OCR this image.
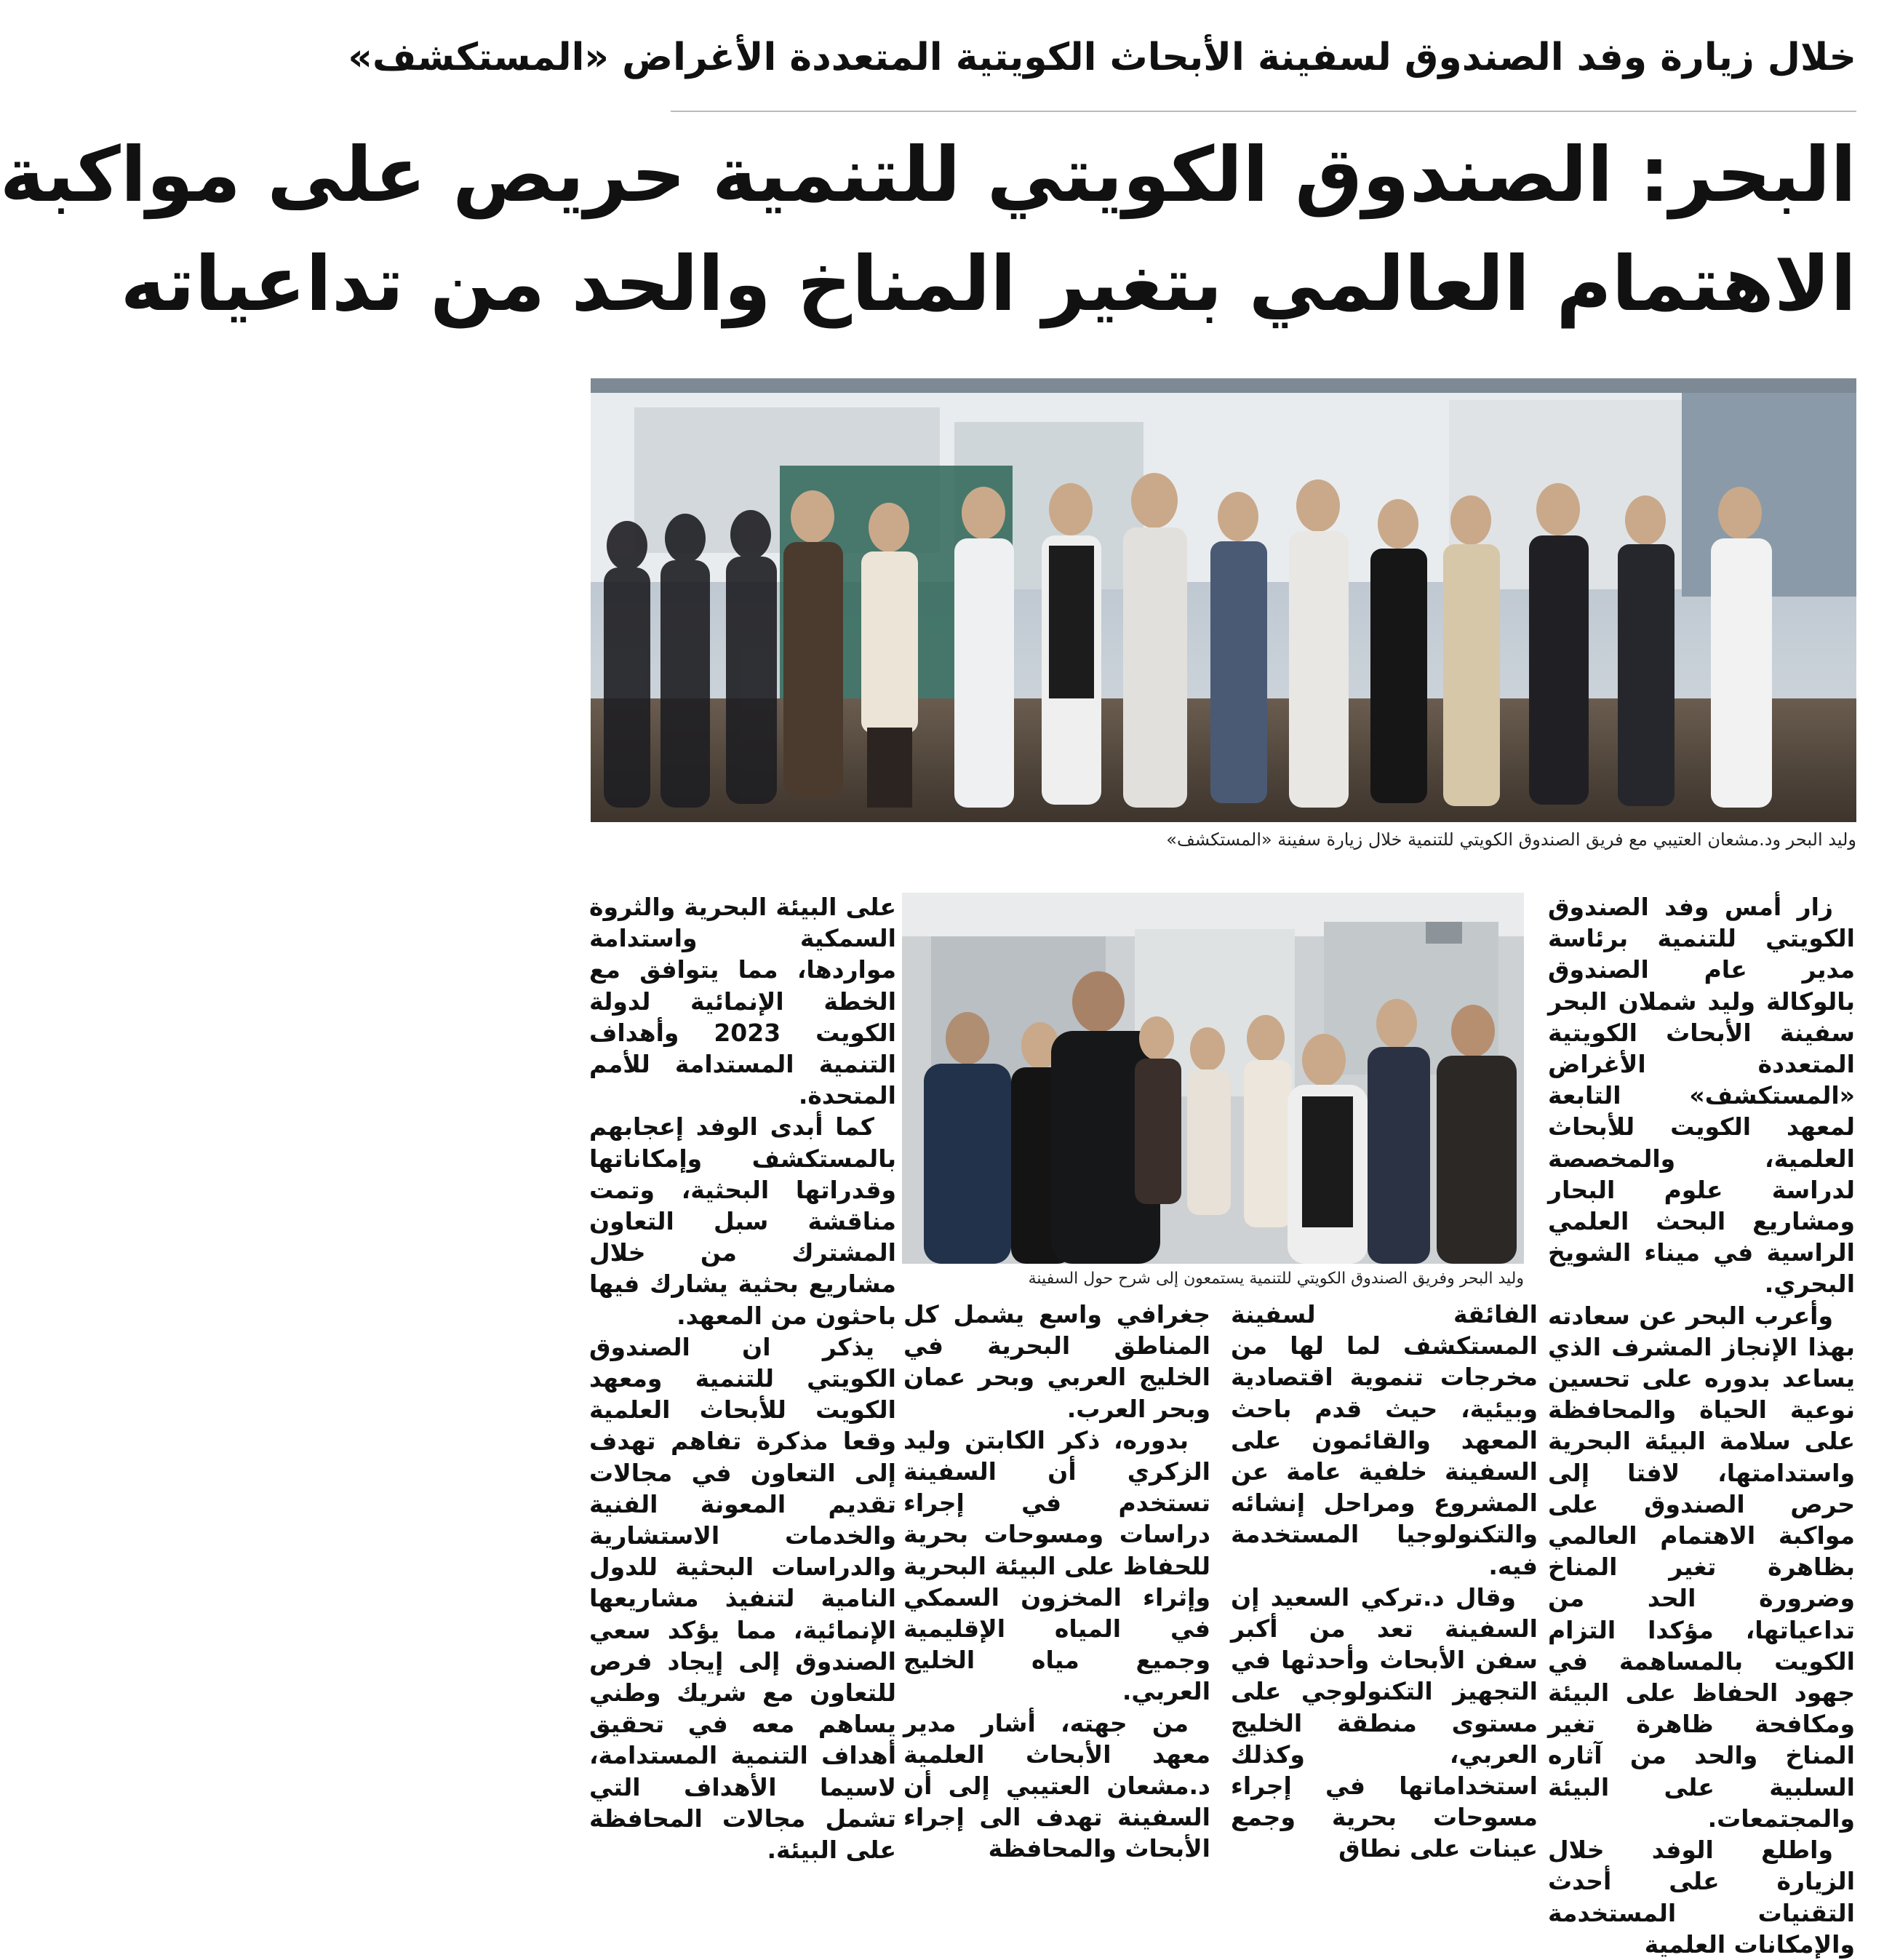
خلال زيارة وفد الصندوق لسفينة الأبحاث الكويتية المتعددة الأغراض «المستكشف»
البحر: الصندوق الكويتي للتنمية حريص على مواكبة
الاهتمام العالمي بتغير المناخ والحد من تداعياته
وليد البحر ود.مشعان العتيبي مع فريق الصندوق الكويتي للتنمية خلال زيارة سفينة «المستكشف»

زار أمس وفد الصندوق الكويتي للتنمية برئاسة مدير عام الصندوق بالوكالة وليد شملان البحر سفينة الأبحاث الكويتية المتعددة الأغراض «المستكشف» التابعة لمعهد الكويت للأبحاث العلمية، والمخصصة لدراسة علوم البحار ومشاريع البحث العلمي الراسية في ميناء الشويخ البحري.

وأعرب البحر عن سعادته بهذا الإنجاز المشرف الذي يساعد بدوره على تحسين نوعية الحياة والمحافظة على سلامة البيئة البحرية واستدامتها، لافتا إلى حرص الصندوق على مواكبة الاهتمام العالمي بظاهرة تغير المناخ وضرورة الحد من تداعياتها، مؤكدا التزام الكويت بالمساهمة في جهود الحفاظ على البيئة ومكافحة ظاهرة تغير المناخ والحد من آثاره السلبية على البيئة والمجتمعات.

واطلع الوفد خلال الزيارة على أحدث التقنيات المستخدمة والإمكانات العلمية

وليد البحر وفريق الصندوق الكويتي للتنمية يستمعون إلى شرح حول السفينة

الفائقة لسفينة المستكشف لما لها من مخرجات تنموية اقتصادية وبيئية، حيث قدم باحث المعهد والقائمون على السفينة خلفية عامة عن المشروع ومراحل إنشائه والتكنولوجيا المستخدمة فيه.

وقال د.تركي السعيد إن السفينة تعد من أكبر سفن الأبحاث وأحدثها في التجهيز التكنولوجي على مستوى منطقة الخليج العربي، وكذلك استخداماتها في إجراء مسوحات بحرية وجمع عينات على نطاق

جغرافي واسع يشمل كل المناطق البحرية في الخليج العربي وبحر عمان وبحر العرب.

بدوره، ذكر الكابتن وليد الزكري أن السفينة تستخدم في إجراء دراسات ومسوحات بحرية للحفاظ على البيئة البحرية وإثراء المخزون السمكي في المياه الإقليمية وجميع مياه الخليج العربي.

من جهته، أشار مدير معهد الأبحاث العلمية د.مشعان العتيبي إلى أن السفينة تهدف الى إجراء الأبحاث والمحافظة

على البيئة البحرية والثروة السمكية واستدامة مواردها، مما يتوافق مع الخطة الإنمائية لدولة الكويت 2023 وأهداف التنمية المستدامة للأمم المتحدة.

كما أبدى الوفد إعجابهم بالمستكشف وإمكاناتها وقدراتها البحثية، وتمت مناقشة سبل التعاون المشترك من خلال مشاريع بحثية يشارك فيها باحثون من المعهد.

يذكر ان الصندوق الكويتي للتنمية ومعهد الكويت للأبحاث العلمية وقعا مذكرة تفاهم تهدف إلى التعاون في مجالات تقديم المعونة الفنية والخدمات الاستشارية والدراسات البحثية للدول النامية لتنفيذ مشاريعها الإنمائية، مما يؤكد سعي الصندوق إلى إيجاد فرص للتعاون مع شريك وطني يساهم معه في تحقيق أهداف التنمية المستدامة، لاسيما الأهداف التي تشمل مجالات المحافظة على البيئة.
